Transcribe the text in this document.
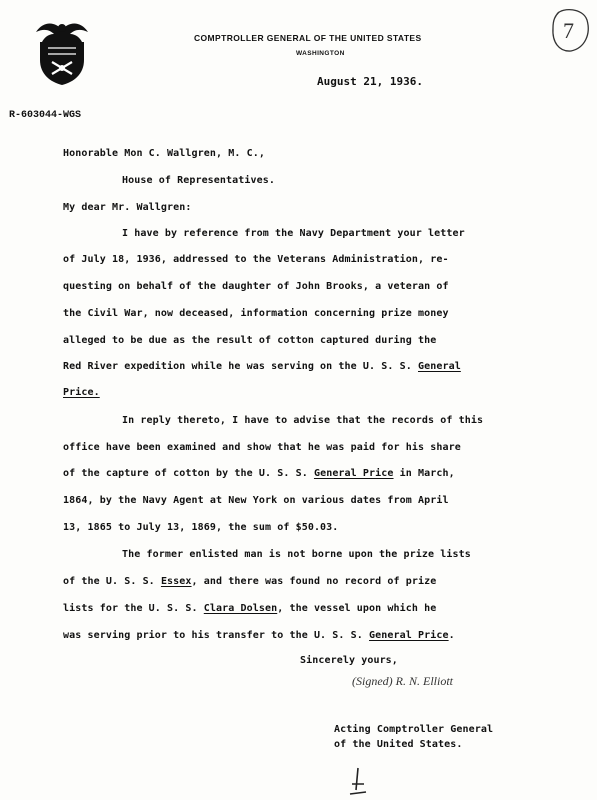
COMPTROLLER GENERAL OF THE UNITED STATES
WASHINGTON
7
August 21, 1936.
R-603044-WGS
Honorable Mon C. Wallgren, M. C.,
House of Representatives.
My dear Mr. Wallgren:
I have by reference from the Navy Department your letter
of July 18, 1936, addressed to the Veterans Administration, re-
questing on behalf of the daughter of John Brooks, a veteran of
the Civil War, now deceased, information concerning prize money
alleged to be due as the result of cotton captured during the
Red River expedition while he was serving on the U. S. S. General
Price.
In reply thereto, I have to advise that the records of this
office have been examined and show that he was paid for his share
of the capture of cotton by the U. S. S. General Price in March,
1864, by the Navy Agent at New York on various dates from April
13, 1865 to July 13, 1869, the sum of $50.03.
The former enlisted man is not borne upon the prize lists
of the U. S. S. Essex, and there was found no record of prize
lists for the U. S. S. Clara Dolsen, the vessel upon which he
was serving prior to his transfer to the U. S. S. General Price.
Sincerely yours,
(Signed) R. N. Elliott
Acting Comptroller General
of the United States.
